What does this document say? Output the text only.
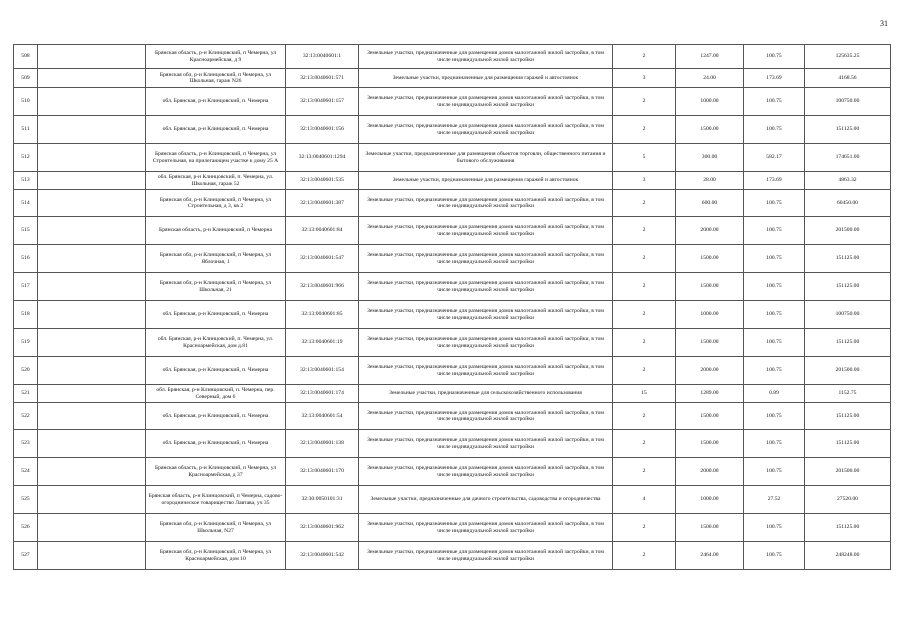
31
508		Брянская область, р-н Клинцовский, п Чемерна, ул Красноармейская, д 9	32:13:0040601:1	Земельные участки, предназначенные для размещения домов малоэтажной жилой застройки, в том числе индивидуальной жилой застройки	2	1247.00	100.75	125635.25
509		Брянская обл, р-н Клинцовский, п Чемерна, ул Школьная, гараж N26	32:13:0040601:571	Земельные участки, предназначенные для размещения гаражей и автостоянок	3	24.00	173.69	4168.56
510		обл. Брянская, р-н Клинцовский, п. Чемерна	32:13:0040601:157	Земельные участки, предназначенные для размещения домов малоэтажной жилой застройки, в том числе индивидуальной жилой застройки	2	1000.00	100.75	100750.00
511		обл. Брянская, р-н Клинцовский, п. Чемерна	32:13:0040601:156	Земельные участки, предназначенные для размещения домов малоэтажной жилой застройки, в том числе индивидуальной жилой застройки	2	1500.00	100.75	151125.00
512		Брянская область, р-н Клинцовский, п Чемерна, ул Строительная, на прилегающем участке к дому 25 А	32:13:0040601:1294	Земельные участки, предназначенные для размещения объектов торговли, общественного питания и бытового обслуживания	5	300.00	582.17	174651.00
513		обл. Брянская, р-н Клинцовский, п. Чемерна, ул. Школьная, гараж 52	32:13:0040601:535	Земельные участки, предназначенные для размещения гаражей и автостоянок	3	28.00	173.69	4863.32
514		Брянская обл, р-н Клинцовский, п Чемерна, ул Строительная, д 3, кв 2	32:13:0040601:387	Земельные участки, предназначенные для размещения домов малоэтажной жилой застройки, в том числе индивидуальной жилой застройки	2	600.00	100.75	60450.00
515		Брянская область, р-н Клинцовский, п Чемерна	32:13:0040601:84	Земельные участки, предназначенные для размещения домов малоэтажной жилой застройки, в том числе индивидуальной жилой застройки	2	2000.00	100.75	201500.00
516		Брянская обл, р-н Клинцовский, п Чемерна, ул Яблочная, 1	32:13:0040601:547	Земельные участки, предназначенные для размещения домов малоэтажной жилой застройки, в том числе индивидуальной жилой застройки	2	1500.00	100.75	151125.00
517		Брянская обл, р-н Клинцовский, п Чемерна, ул Школьная, 21	32:13:0040601:966	Земельные участки, предназначенные для размещения домов малоэтажной жилой застройки, в том числе индивидуальной жилой застройки	2	1500.00	100.75	151125.00
518		обл. Брянская, р-н Клинцовский, п. Чемерна	32:13:0040601:85	Земельные участки, предназначенные для размещения домов малоэтажной жилой застройки, в том числе индивидуальной жилой застройки	2	1000.00	100.75	100750.00
519		обл. Брянская, р-н Клинцовский, п. Чемерна, ул. Красноармейская, дом д.81	32:13:0040601:19	Земельные участки, предназначенные для размещения домов малоэтажной жилой застройки, в том числе индивидуальной жилой застройки	2	1500.00	100.75	151125.00
520		обл. Брянская, р-н Клинцовский, п. Чемерна	32:13:0040601:154	Земельные участки, предназначенные для размещения домов малоэтажной жилой застройки, в том числе индивидуальной жилой застройки	2	2000.00	100.75	201500.00
521		обл. Брянская, р-н Клинцовский, п. Чемерна, пер. Северный, дом 6	32:13:0040601:174	Земельные участки, предназначенные для сельскохозяйственного использования	15	1289.00	0.89	1152.75
522		обл. Брянская, р-н Клинцовский, п. Чемерна	32:13:0040601:54	Земельные участки, предназначенные для размещения домов малоэтажной жилой застройки, в том числе индивидуальной жилой застройки	2	1500.00	100.75	151125.00
523		обл. Брянская, р-н Клинцовский, п. Чемерна	32:13:0040601:138	Земельные участки, предназначенные для размещения домов малоэтажной жилой застройки, в том числе индивидуальной жилой застройки	2	1500.00	100.75	151125.00
524		Брянская область, р-н Клинцовский, п Чемерна, ул Красноармейская, д 37	32:13:0040601:170	Земельные участки, предназначенные для размещения домов малоэтажной жилой застройки, в том числе индивидуальной жилой застройки	2	2000.00	100.75	201500.00
525		Брянская область, р-н Клинцовский, п Чемерна, садово- огородническое товарищество Лавтава, уч 35	32:30:0050101:31	Земельные участки, предназначенные для дачного строительства, садоводства и огородничества	4	1000.00	27.52	27520.00
526		Брянская обл, р-н Клинцовский, п Чемерна, ул Школьная, N27	32:13:0040601:962	Земельные участки, предназначенные для размещения домов малоэтажной жилой застройки, в том числе индивидуальной жилой застройки	2	1500.00	100.75	151125.00
527		Брянская обл, р-н Клинцовский, п Чемерна, ул Красноармейская, дом 10	32:13:0040601:542	Земельные участки, предназначенные для размещения домов малоэтажной жилой застройки, в том числе индивидуальной жилой застройки	2	2464.00	100.75	248248.00
